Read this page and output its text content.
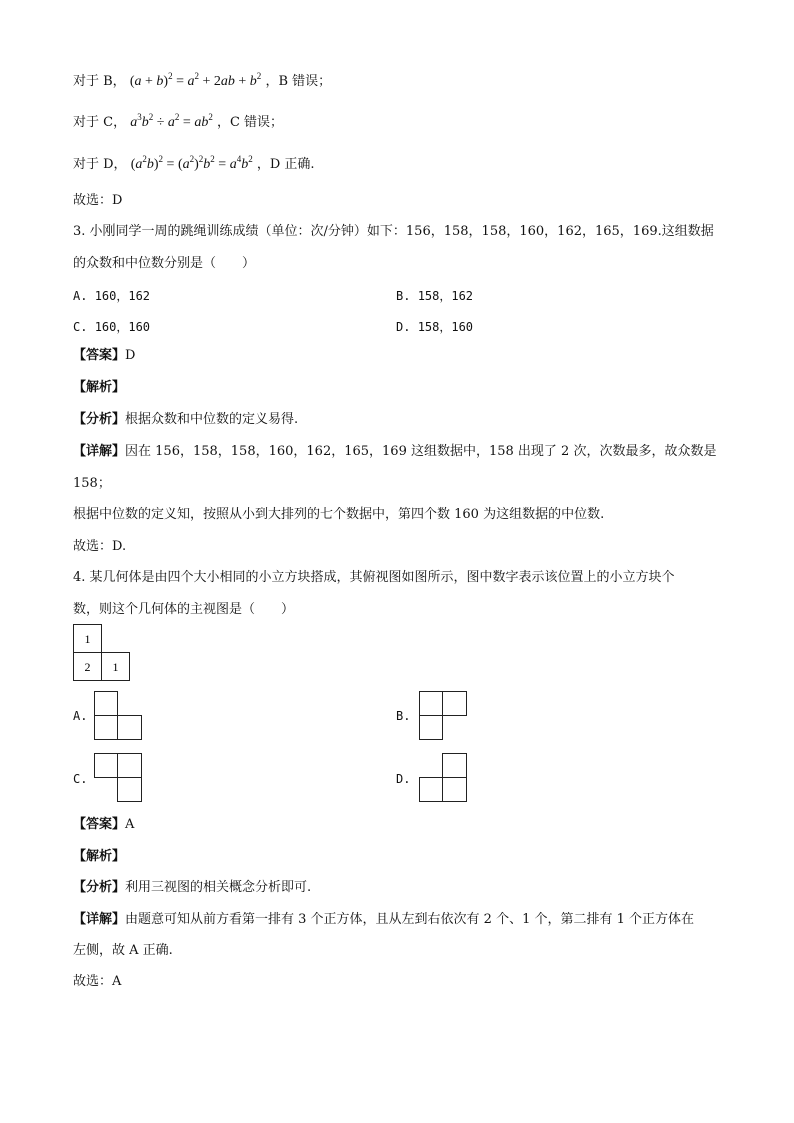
对于 B， $(a + b)^2 = a^2 + 2ab + b^2$ ，B 错误；
对于 C， $a^3b^2 \div a^2 = ab^2$ ，C 错误；
对于 D， $(a^2b)^2 = (a^2)^2b^2 = a^4b^2$ ，D 正确.
故选：D
3. 小刚同学一周的跳绳训练成绩（单位：次/分钟）如下：156，158，158，160，162，165，169.这组数据
的众数和中位数分别是（　　）
A. 160，162	B. 158，162
C. 160，160	D. 158，160
【答案】D
【解析】
【分析】根据众数和中位数的定义易得.
【详解】因在 156，158，158，160，162，165，169 这组数据中，158 出现了 2 次，次数最多，故众数是
158；
根据中位数的定义知，按照从小到大排列的七个数据中，第四个数 160 为这组数据的中位数.
故选：D.
4. 某几何体是由四个大小相同的小立方块搭成，其俯视图如图所示，图中数字表示该位置上的小立方块个
数，则这个几何体的主视图是（　　）
1
2 1
A.	B.
C.	D.
【答案】A
【解析】
【分析】利用三视图的相关概念分析即可.
【详解】由题意可知从前方看第一排有 3 个正方体，且从左到右依次有 2 个、1 个，第二排有 1 个正方体在
左侧，故 A 正确.
故选：A
